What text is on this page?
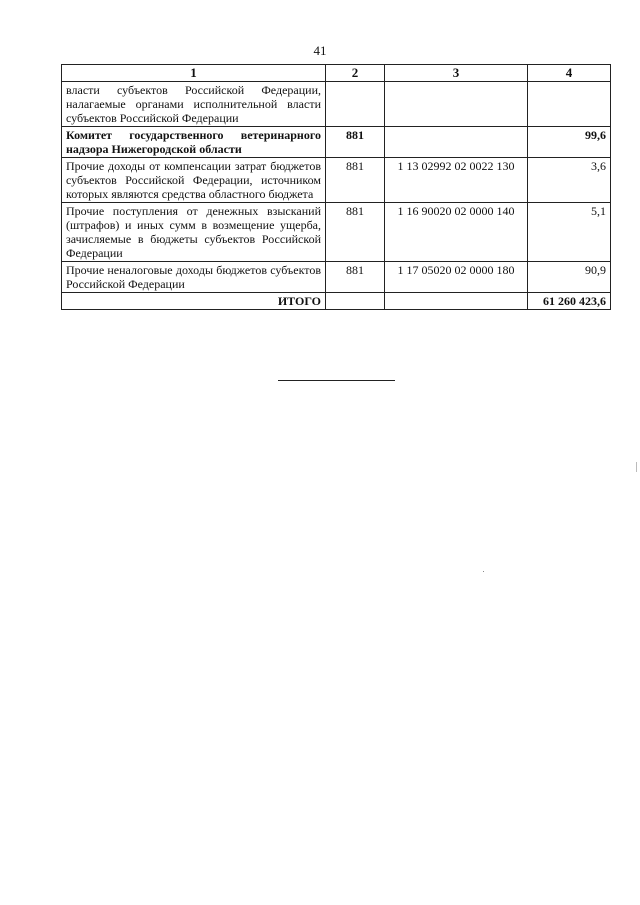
41
1	2	3	4
власти субъектов Российской Федерации, налагаемые органами исполнительной власти субъектов Российской Федерации			
Комитет государственного ветеринарного надзора Нижегородской области	881		99,6
Прочие доходы от компенсации затрат бюджетов субъектов Российской Федерации, источником которых являются средства областного бюджета	881	1 13 02992 02 0022 130	3,6
Прочие поступления от денежных взысканий (штрафов) и иных сумм в возмещение ущерба, зачисляемые в бюджеты субъектов Российской Федерации	881	1 16 90020 02 0000 140	5,1
Прочие неналоговые доходы бюджетов субъектов Российской Федерации	881	1 17 05020 02 0000 180	90,9
ИТОГО			61 260 423,6
